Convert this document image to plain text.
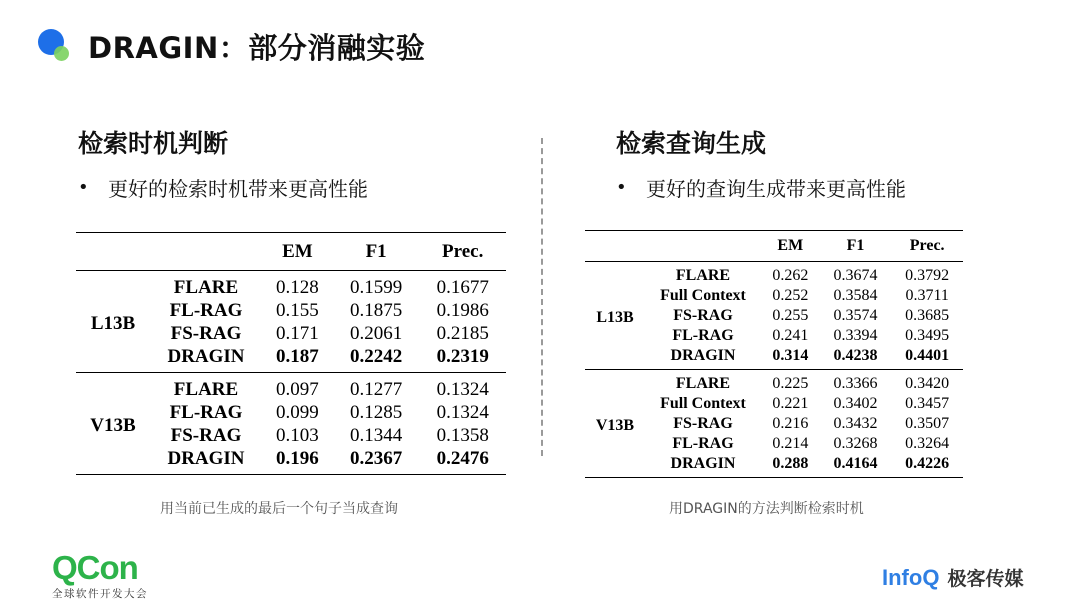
DRAGIN：部分消融实验
检索时机判断
• 更好的检索时机带来更高性能
		EM	F1	Prec.
L13B	FLARE	0.128	0.1599	0.1677
	FL-RAG	0.155	0.1875	0.1986
	FS-RAG	0.171	0.2061	0.2185
	DRAGIN	0.187	0.2242	0.2319
V13B	FLARE	0.097	0.1277	0.1324
	FL-RAG	0.099	0.1285	0.1324
	FS-RAG	0.103	0.1344	0.1358
	DRAGIN	0.196	0.2367	0.2476
用当前已生成的最后一个句子当成查询
检索查询生成
• 更好的查询生成带来更高性能
		EM	F1	Prec.
L13B	FLARE	0.262	0.3674	0.3792
	Full Context	0.252	0.3584	0.3711
	FS-RAG	0.255	0.3574	0.3685
	FL-RAG	0.241	0.3394	0.3495
	DRAGIN	0.314	0.4238	0.4401
V13B	FLARE	0.225	0.3366	0.3420
	Full Context	0.221	0.3402	0.3457
	FS-RAG	0.216	0.3432	0.3507
	FL-RAG	0.214	0.3268	0.3264
	DRAGIN	0.288	0.4164	0.4226
用DRAGIN的方法判断检索时机
QCon
全球软件开发大会
InfoQ 极客传媒
